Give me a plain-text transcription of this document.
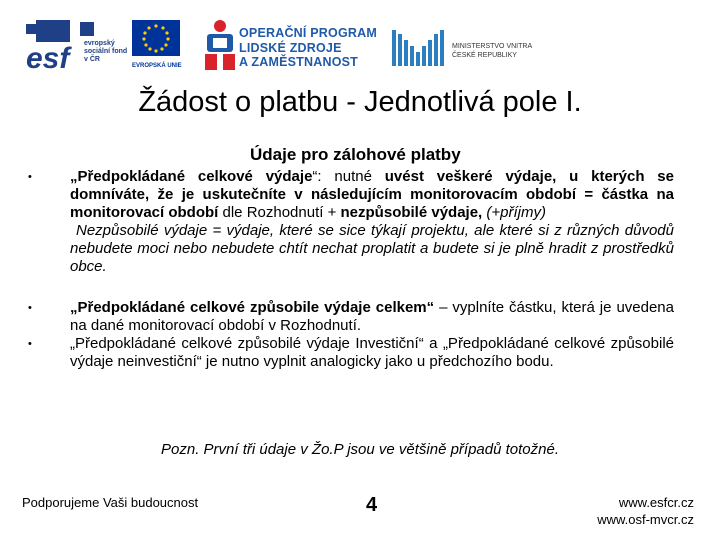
esf	evropský sociální fond v ČR
EVROPSKÁ UNIE
OPERAČNÍ PROGRAM
LIDSKÉ ZDROJE
A ZAMĚSTNANOST
MINISTERSTVO VNITRA
ČESKÉ REPUBLIKY
Žádost o platbu - Jednotlivá pole I.
Údaje pro zálohové platby
•	„Předpokládané celkové výdaje“: nutné uvést veškeré výdaje, u kterých se domníváte, že je uskutečníte v následujícím monitorovacím období = částka na monitorovací období dle Rozhodnutí + nezpůsobilé výdaje, (+příjmy)
Nezpůsobilé výdaje = výdaje, které se sice týkají projektu, ale které si z různých důvodů nebudete moci nebo nebudete chtít nechat proplatit a budete si je plně hradit z prostředků obce.
•	„Předpokládané celkové způsobile výdaje celkem“ – vyplníte částku, která je uvedena na dané monitorovací období v Rozhodnutí.
•	„Předpokládané celkové způsobilé výdaje Investiční“ a „Předpokládané celkové způsobilé výdaje neinvestiční“ je nutno vyplnit analogicky jako u předchozího bodu.
Pozn. První tři údaje v Žo.P jsou ve většině případů totožné.
Podporujeme Vaši budoucnost	4	www.esfcr.cz
www.osf-mvcr.cz
